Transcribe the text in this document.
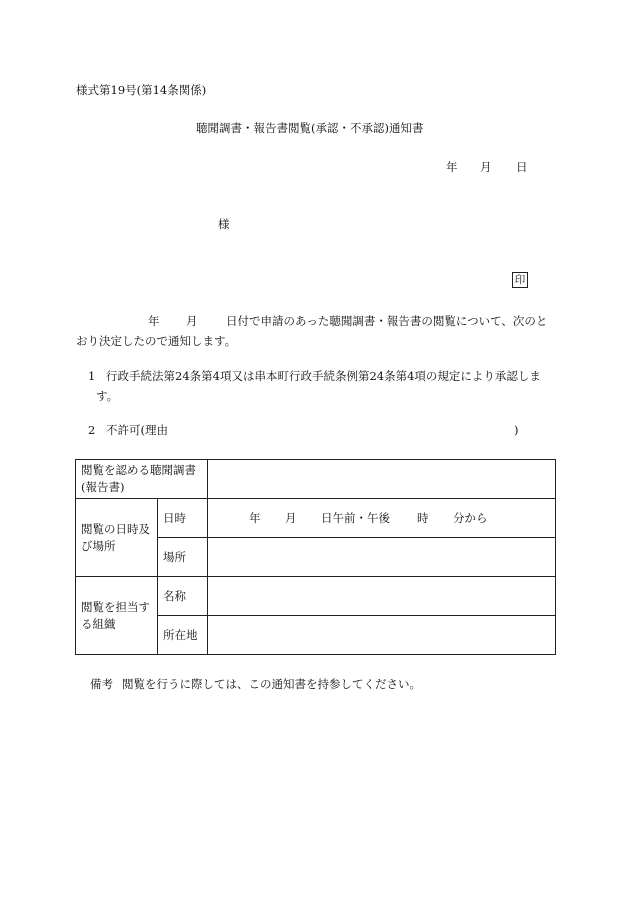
様式第19号(第14条関係)
聴聞調書・報告書閲覧(承認・不承認)通知書
年 月 日
様
印
年 月 日付で申請のあった聴聞調書・報告書の閲覧について、次のとおり決定したので通知します。
1 行政手続法第24条第4項又は串本町行政手続条例第24条第4項の規定により承認しま
す。
2 不許可(理由	)
閲覧を認める聴聞調書(報告書)		
閲覧の日時及び場所	日時	年 月 日午前・午後 時 分から
	場所	
閲覧を担当する組織	名称	
	所在地	
備考 閲覧を行うに際しては、この通知書を持参してください。
